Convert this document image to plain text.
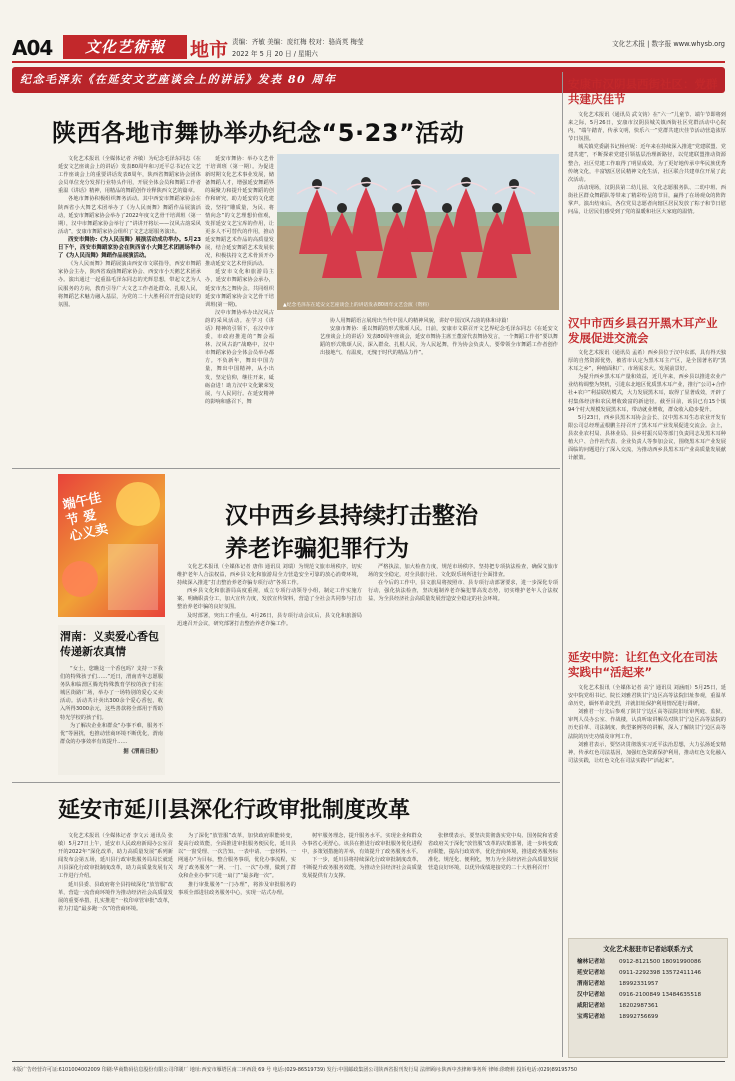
A04	文化艺術報	地市 责编：齐敏 美编：庞红梅 校对：骆尚英 梅莹
2022 年 5 月 20 日 / 星期六
文化艺术报 | 数字报 www.whysb.org
纪念毛泽东《在延安文艺座谈会上的讲话》发表 80 周年
陕西各地市舞协举办纪念“5·23”活动

文化艺术报讯（全媒体记者 齐敏）为纪念毛泽东同志《在延安文艺座谈会上的讲话》发表80周年和习近平总书记在文艺工作座谈会上的重要讲话发表8周年，陕西省舞蹈家协会团体会员单位充分发挥行业特头作用，开展全体会员和舞蹈工作者重温《讲话》精神，用精品的舞蹈创作诠释陕西文艺的篇章。

各地市舞协积极组织舞务活动。其中西安市舞蹈家协会在陕西省小大舞艺术团举办了《为人民而舞》舞蹈作品展演活动，延安市舞蹈家协会举办了2022年度文艺骨干培训班（第一期），汉中市舞蹈家协会举行了“讲讲开将坛——汉风古韵采风活动”，安康市舞蹈家协会组织了文艺志愿服务演出。

西安市舞协:《为人民而舞》展演活动成功举办。5月23日下午，西安市舞蹈家协会在陕西省小大舞艺术团剧场举办了《为人民而舞》舞蹈作品展演活动。

《为人民而舞》舞蹈展演由西安市文联指导，西安市舞蹈家协会主办，陕西省戏曲舞蹈家协会、西安市小天鹅艺术团承办。演出通过一起重温毛泽东同志的光辉思想，带起文艺为人民服务的方向，教育引导广大文艺工作者赴群众、扎根人民，将舞蹈艺术魅力融入基层，为党的二十大胜利召开营造良好的氛围。

延安市舞协：举办文艺骨干培训班（第一期）。为促进新时期文化艺术事业发展，储备舞蹈人才，增强延安舞蹈界的凝聚力和提升延安舞蹈的创作和研究，助力延安的文化建设，坚持“雕质量，为民、将情向念”的文艺理想价值观，发挥延安文艺宝库的作用，让更多人不可替代的作用，推动延安舞蹈艺术作品的高质量发展，结合延安舞蹈艺术发展状况，积极扶持文艺术骨顶开办推动延安文艺术骨顶活动。

延安市文化和旅游局主办，延安市舞蹈家协会承办，延安市杰之舞协会。共同组织延安市舞蹈家协会文艺骨干培训班(第一期)。

汉中市舞协举办出汉风古韵的采风活动。在学习《讲话》精神的引领下，在汉中市委，市政府推进的“舞会福林、汉风古韵”战略中，汉中市舞蹈家协会全体会员举办都方。不负新年，舞出中国力量，舞出中国精神，从小出发，坚定信仰，继往开来，砥砺奋进！助力汉中文化繁荣发展，与人民同行。在延安精神的影响和感召下，舞

▲纪念毛泽东在延安文艺座谈会上的讲话发表80周年文艺会演（资料）

协人用舞蹈语言展现出当代中国人的精神风貌，讲好中国汉风古韵的体和诗篇！

安康市舞协：重以舞蹈的形式歌颂人民。日前，安康市文联召开文艺界纪念毛泽东同志《在延安文艺座谈会上的讲话》发表80周年座谈会，延安市舞协主席王董富代表舞协发言，一个舞蹈工作者“要以舞蹈的形式歌颂人民，深入群众、扎根人民，为人民起舞，作为协会负责人，要带领全市舞蹈工作者创作出接地气、有温度，无愧于时代的精品力作”。

端午佳节 爱心义卖
渭南：义卖爱心香包 传递新农真情

“女士，您瞧这一个香包吗？支持一下我们的特殊孩子们……”近日，渭南青年志愿服务队和临渭区腾光特殊教育学校的孩子们在城区街路广场，举办了一场特别的爱心义卖活动。活动共计卖出300余个爱心香包，收入所得3000余元，这些善款将全部用于帮助特光学校的孩子们。

为了解决企业和群众“办事不难，服务不优”等困扰，也推动营商环境不断优化，渭南群众的办事效率有效提升……

据《渭南日报》
汉中西乡县持续打击整治
养老诈骗犯罪行为

文化艺术报讯（全媒体记者 唐伟 通讯员 刘瑞）为规范文旅市场秩序，切实维护老年人合法权益，西乡县文化和旅游局全力营造安全可靠的放心消费环境，持续深入推进“打击整治养老诈骗专项行动”各项工作。

西乡县文化和旅游局高度重视，成立专项行动领导小组，制定工作实施方案，明确职责分工，加大宣传力度，发放宣传资料，营造了全社会共同参与打击整治养老诈骗的良好氛围。

及时部署，突出工作重点。4月26日，县专项行动会议后，县文化和旅游局迅速召开会议，研究部署打击整治养老诈骗工作。

严格执法，加大检查力度，规范市场秩序。坚持把专项执法检查，确保文旅市场的安全稳定，对全县旅行社、文化娱乐场所进行全面排查。

在今后的工作中，县文旅局将按照市、县专项行动部署要求，进一步深化专项行动，强化执法检查，坚决遏制养老诈骗犯罪高发态势，切实维护老年人合法权益，为全县经济社会高质量发展营造安全稳定的社会环境。

延安市延川县深化行政审批制度改革

文化艺术报讯（全媒体记者 李文云 通讯员 张敏）5月27日上午，延安市人民政府新闻办公室召开的2022年“深化改革，助力高质量发展”系列新闻发布会第五场，延川县行政审批服务局局长就延川县深化行政审批制度改革，助力高质量发展有关工作进行介绍。

延川县委、县政府将全县持续深化“放管服”改革，营造一流营商环境作为推动经济社会高质量发展的重要举措，扎实推进“一枚印章管审批”改革，着力打造“最多跑一次”的营商环境。

为了深化“放管服”改革，加快政府职能转变，提高行政效能，全面推进审批服务便民化，延川县以“一窗受理、一次告知、一表申请、一套材料、一网通办”为目标，整合服务事项，优化办事流程，实现了政务服务“一网、一门、一次”办理，做到了群众和企业办事“只进一扇门”“最多跑一次”。

推行审批服务“一门办理”，将涉及审批服务的事项全部进驻政务服务中心，实现一站式办理。

树牢服务理念，提升服务水平。实现企业和群众办事省心更舒心。该县在推进行政审批服务优化进程中，多策划措施的并举，有效提升了政务服务水平。

下一步，延川县将持续深化行政审批制度改革，不断提升政务服务效能，为推动全县经济社会高质量发展提供有力支撑。

张修璞表示，要坚决贯彻落实党中央、国务院和省委省政府关于深化“放管服”改革的决策部署，进一步转变政府职能，提高行政效率，优化营商环境，推进政务服务标准化、规范化、便利化，努力为全县经济社会高质量发展营造良好环境，以优异成绩迎接党的二十大胜利召开！

安康市汉阴县西街社区：党群共建庆佳节

文化艺术报讯（通讯员 武文钧）在“六一”儿童节、端午节即将到来之际，5月26日，安康市汉阴县城关镇西街社区党群活动中心院内，“端午踏青，传承文明，快乐六一”党群共建庆佳节活动营造浓厚节日氛围。

城关镇党委副书记杨应妮：近年来在持续深入推进“党建联盟、党建共建”，不断探索党建引领基层治理新路径，以党建联盟推动资源整合，社区党建工作取得了明显成效。为了更好地传承中华民族优秀传统文化，丰富辖区居民精神文化生活，社区联合共建单位开展了此次活动。

活动现场，汉阴县第二幼儿园、文化志愿服务队、二幼中班、西街社区群众舞蹈队等带来了精彩纷呈的节目，赢得了在场观众的阵阵掌声。演出结束后，各位党员志愿者向辖区居民发放了粽子和节日慰问品，让居民们感受到了党的温暖和社区大家庭的温情。

汉中市西乡县召开黑木耳产业发展促进交流会

文化艺术报讯（通讯员 孟希）西乡县位于汉中东部，具有得天独厚的自然资源优势，被省市认定为黑木耳主产区，是全国著名的“黑木耳之乡”，种植面积广、市场需求大、发展前景好。

为提升西乡黑木耳产量和效益，近几年来，西乡县以推进农业产业结构调整为契机，引进东北地区优质黑木耳产业，推行“公司+合作社+农户”利益联结模式，大力发展黑木耳，取得了显著成效，开辟了村集体经济和农民增收致富的新途径。截至目前，该县已有15个镇94个村大规模发展黑木耳，带动就业增收，群众收入稳步提升。

5月23日，西乡县黑木耳协会会长、汉中黑木耳生态农业开发有限公司总经理孟根鹏主持召开了黑木耳产业发展促进交流会。会上，县农业农村局、县林业局、县乡村振兴局等部门负责同志及黑木耳种植大户、合作社代表、企业负责人等参加会议，围绕黑木耳产业发展面临的问题进行了深入交流，为推动西乡县黑木耳产业高质量发展献计献策。

延安中院：让红色文化在司法实践中“活起来”

文化艺术报讯（全媒体记者 高宁 通讯员 刘涵雨）5月25日，延安中院党组书记、院长刘雅君陕甘宁边区高等法院旧址参观，重温革命历史，缅怀革命先烈，并就旧址保护利用情况进行调研。

刘雅君一行先后参观了陕甘宁边区高等法院旧址审判庭、监狱、审判人员办公室、作战楼，认真听取讲解员对陕甘宁边区高等法院的历史沿革、司法制度、典型案例等的讲解，深入了解陕甘宁边区高等法院的历史功绩及审判工作。

刘雅君表示，要坚决贯彻落实习近平法治思想，大力弘扬延安精神，传承红色司法基因，加强红色资源保护利用，推动红色文化融入司法实践，让红色文化在司法实践中“活起来”。

文化艺术报驻市记者站联系方式
榆林记者站	0912-8121500 18091990086
延安记者站	0911-2292398 13572411146
渭南记者站	18992331957
汉中记者站	0916-2100849 13484635518
咸阳记者站	18202987361
宝鸡记者站	18992756699
本版广告经营许可证:6101004002009 印刷:华商数码信息股份有限公司印刷厂 地址:西安市雁塔区南二环西段 69 号 电话:(029-86519739) 发行:中国邮政集团公司陕西省报刊发行局 法律顾问:陕西中杰律师事务所 律师:徐晓莉 投诉电话:(029)89195750
